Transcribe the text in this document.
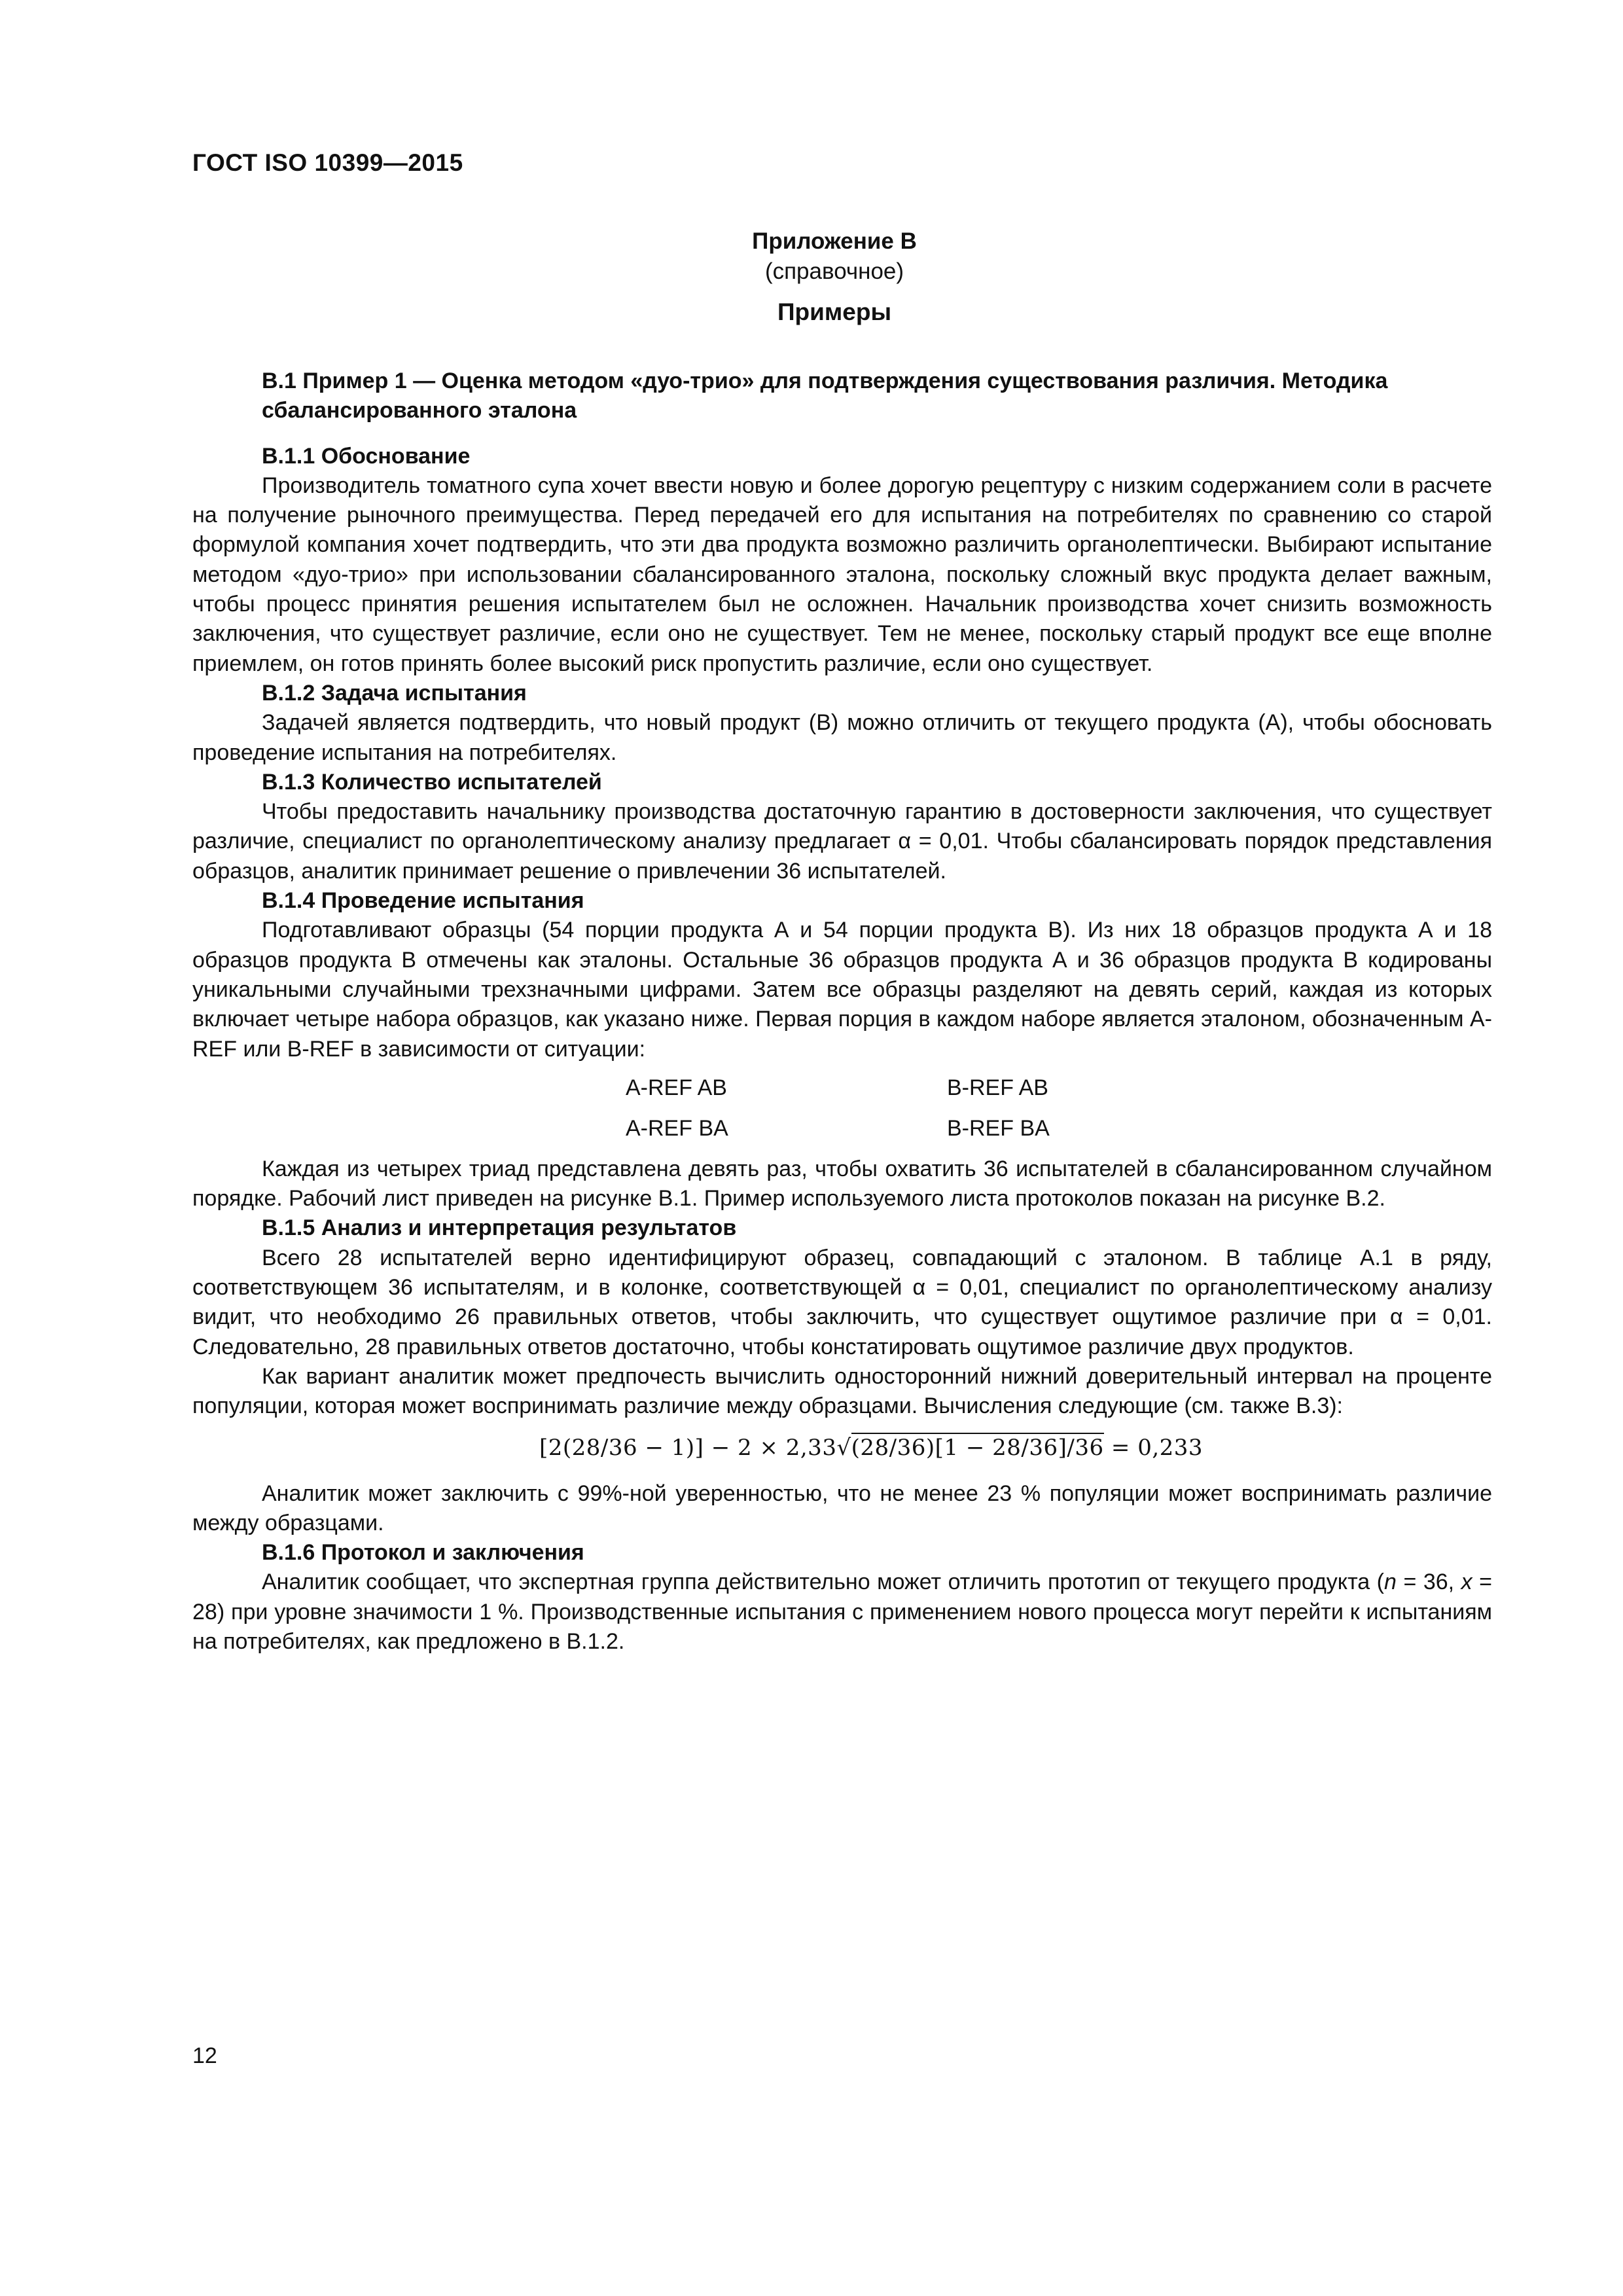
ГОСТ ISO 10399—2015
Приложение В
(справочное)
Примеры

В.1 Пример 1 — Оценка методом «дуо-трио» для подтверждения существования различия. Методика сбалансированного эталона

В.1.1 Обоснование

Производитель томатного супа хочет ввести новую и более дорогую рецептуру с низким содержанием соли в расчете на получение рыночного преимущества. Перед передачей его для испытания на потребителях по сравнению со старой формулой компания хочет подтвердить, что эти два продукта возможно различить органолептически. Выбирают испытание методом «дуо-трио» при использовании сбалансированного эталона, поскольку сложный вкус продукта делает важным, чтобы процесс принятия решения испытателем был не осложнен. Начальник производства хочет снизить возможность заключения, что существует различие, если оно не существует. Тем не менее, поскольку старый продукт все еще вполне приемлем, он готов принять более высокий риск пропустить различие, если оно существует.

В.1.2 Задача испытания

Задачей является подтвердить, что новый продукт (В) можно отличить от текущего продукта (А), чтобы обосновать проведение испытания на потребителях.

В.1.3 Количество испытателей

Чтобы предоставить начальнику производства достаточную гарантию в достоверности заключения, что существует различие, специалист по органолептическому анализу предлагает α = 0,01. Чтобы сбалансировать порядок представления образцов, аналитик принимает решение о привлечении 36 испытателей.

В.1.4 Проведение испытания

Подготавливают образцы (54 порции продукта А и 54 порции продукта В). Из них 18 образцов продукта А и 18 образцов продукта В отмечены как эталоны. Остальные 36 образцов продукта А и 36 образцов продукта В кодированы уникальными случайными трехзначными цифрами. Затем все образцы разделяют на девять серий, каждая из которых включает четыре набора образцов, как указано ниже. Первая порция в каждом наборе является эталоном, обозначенным A-REF или B-REF в зависимости от ситуации:

A-REF AB	B-REF AB
A-REF BA	B-REF BA

Каждая из четырех триад представлена девять раз, чтобы охватить 36 испытателей в сбалансированном случайном порядке. Рабочий лист приведен на рисунке В.1. Пример используемого листа протоколов показан на рисунке В.2.

В.1.5 Анализ и интерпретация результатов

Всего 28 испытателей верно идентифицируют образец, совпадающий с эталоном. В таблице А.1 в ряду, соответствующем 36 испытателям, и в колонке, соответствующей α = 0,01, специалист по органолептическому анализу видит, что необходимо 26 правильных ответов, чтобы заключить, что существует ощутимое различие при α = 0,01. Следовательно, 28 правильных ответов достаточно, чтобы констатировать ощутимое различие двух продуктов.

Как вариант аналитик может предпочесть вычислить односторонний нижний доверительный интервал на проценте популяции, которая может воспринимать различие между образцами. Вычисления следующие (см. также В.3):

[2(28/36 − 1)] − 2 × 2,33√(28/36)[1 − 28/36]/36 = 0,233

Аналитик может заключить с 99%-ной уверенностью, что не менее 23 % популяции может воспринимать различие между образцами.

В.1.6 Протокол и заключения

Аналитик сообщает, что экспертная группа действительно может отличить прототип от текущего продукта (n = 36, x = 28) при уровне значимости 1 %. Производственные испытания с применением нового процесса могут перейти к испытаниям на потребителях, как предложено в В.1.2.

12
